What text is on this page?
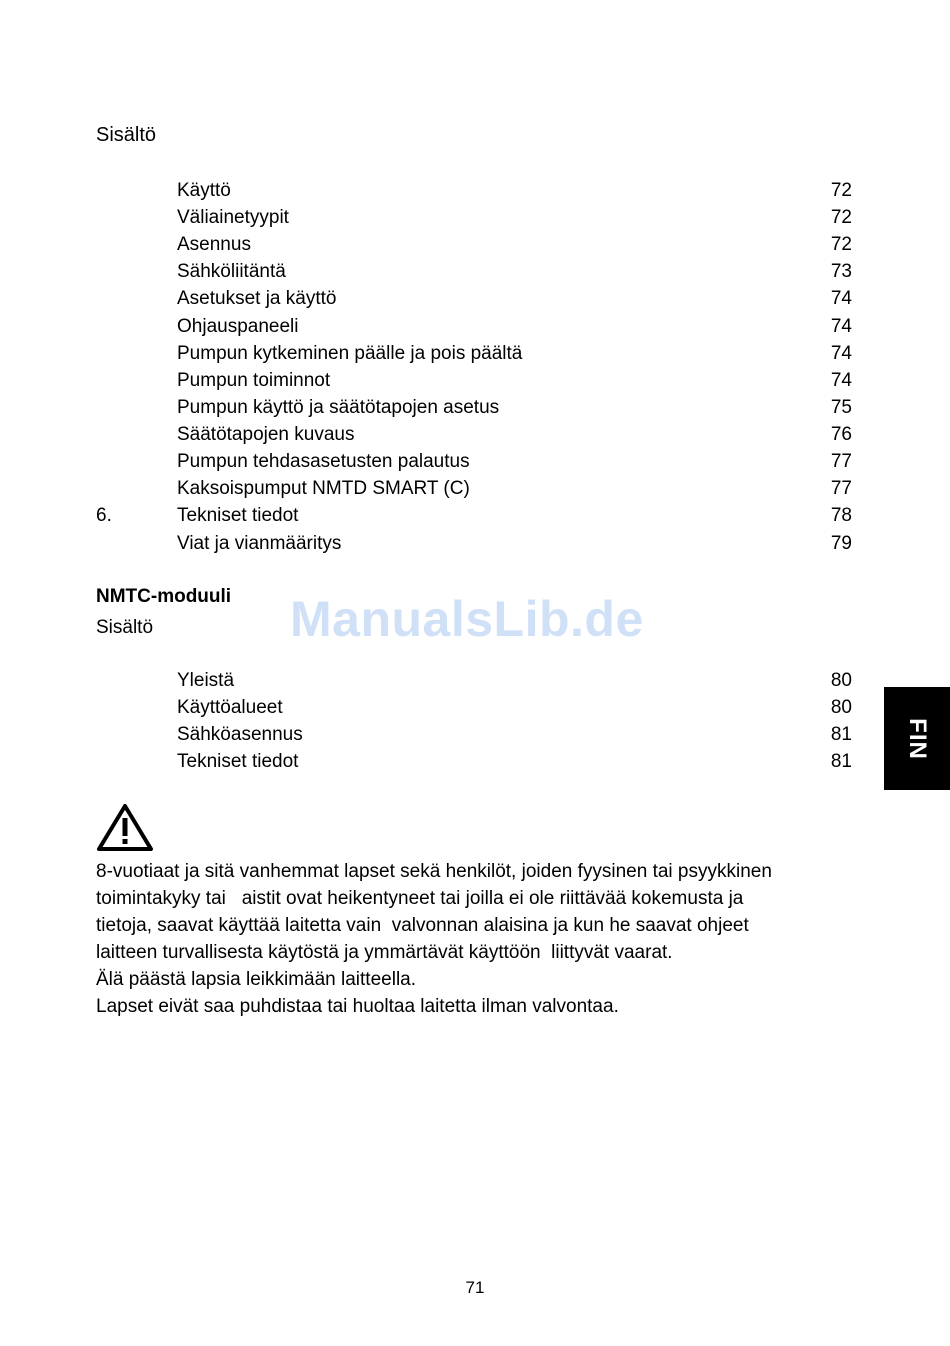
Sisältö
Käyttö	72
Väliainetyypit	72
Asennus	72
Sähköliitäntä	73
Asetukset ja käyttö	74
Ohjauspaneeli	74
Pumpun kytkeminen päälle ja pois päältä	74
Pumpun toiminnot	74
Pumpun käyttö ja säätötapojen asetus	75
Säätötapojen kuvaus	76
Pumpun tehdasasetusten palautus	77
Kaksoispumput NMTD SMART (C)	77
6.	Tekniset tiedot	78
Viat ja vianmääritys	79
ManualsLib.de
NMTC-moduuli
Sisältö
Yleistä	80
Käyttöalueet	80
Sähköasennus	81
Tekniset tiedot	81
FIN
8-vuotiaat ja sitä vanhemmat lapset sekä henkilöt, joiden fyysinen tai psyykkinen
toimintakyky tai   aistit ovat heikentyneet tai joilla ei ole riittävää kokemusta ja
tietoja, saavat käyttää laitetta vain  valvonnan alaisina ja kun he saavat ohjeet
laitteen turvallisesta käytöstä ja ymmärtävät käyttöön  liittyvät vaarat.
Älä päästä lapsia leikkimään laitteella.
Lapset eivät saa puhdistaa tai huoltaa laitetta ilman valvontaa.
71
